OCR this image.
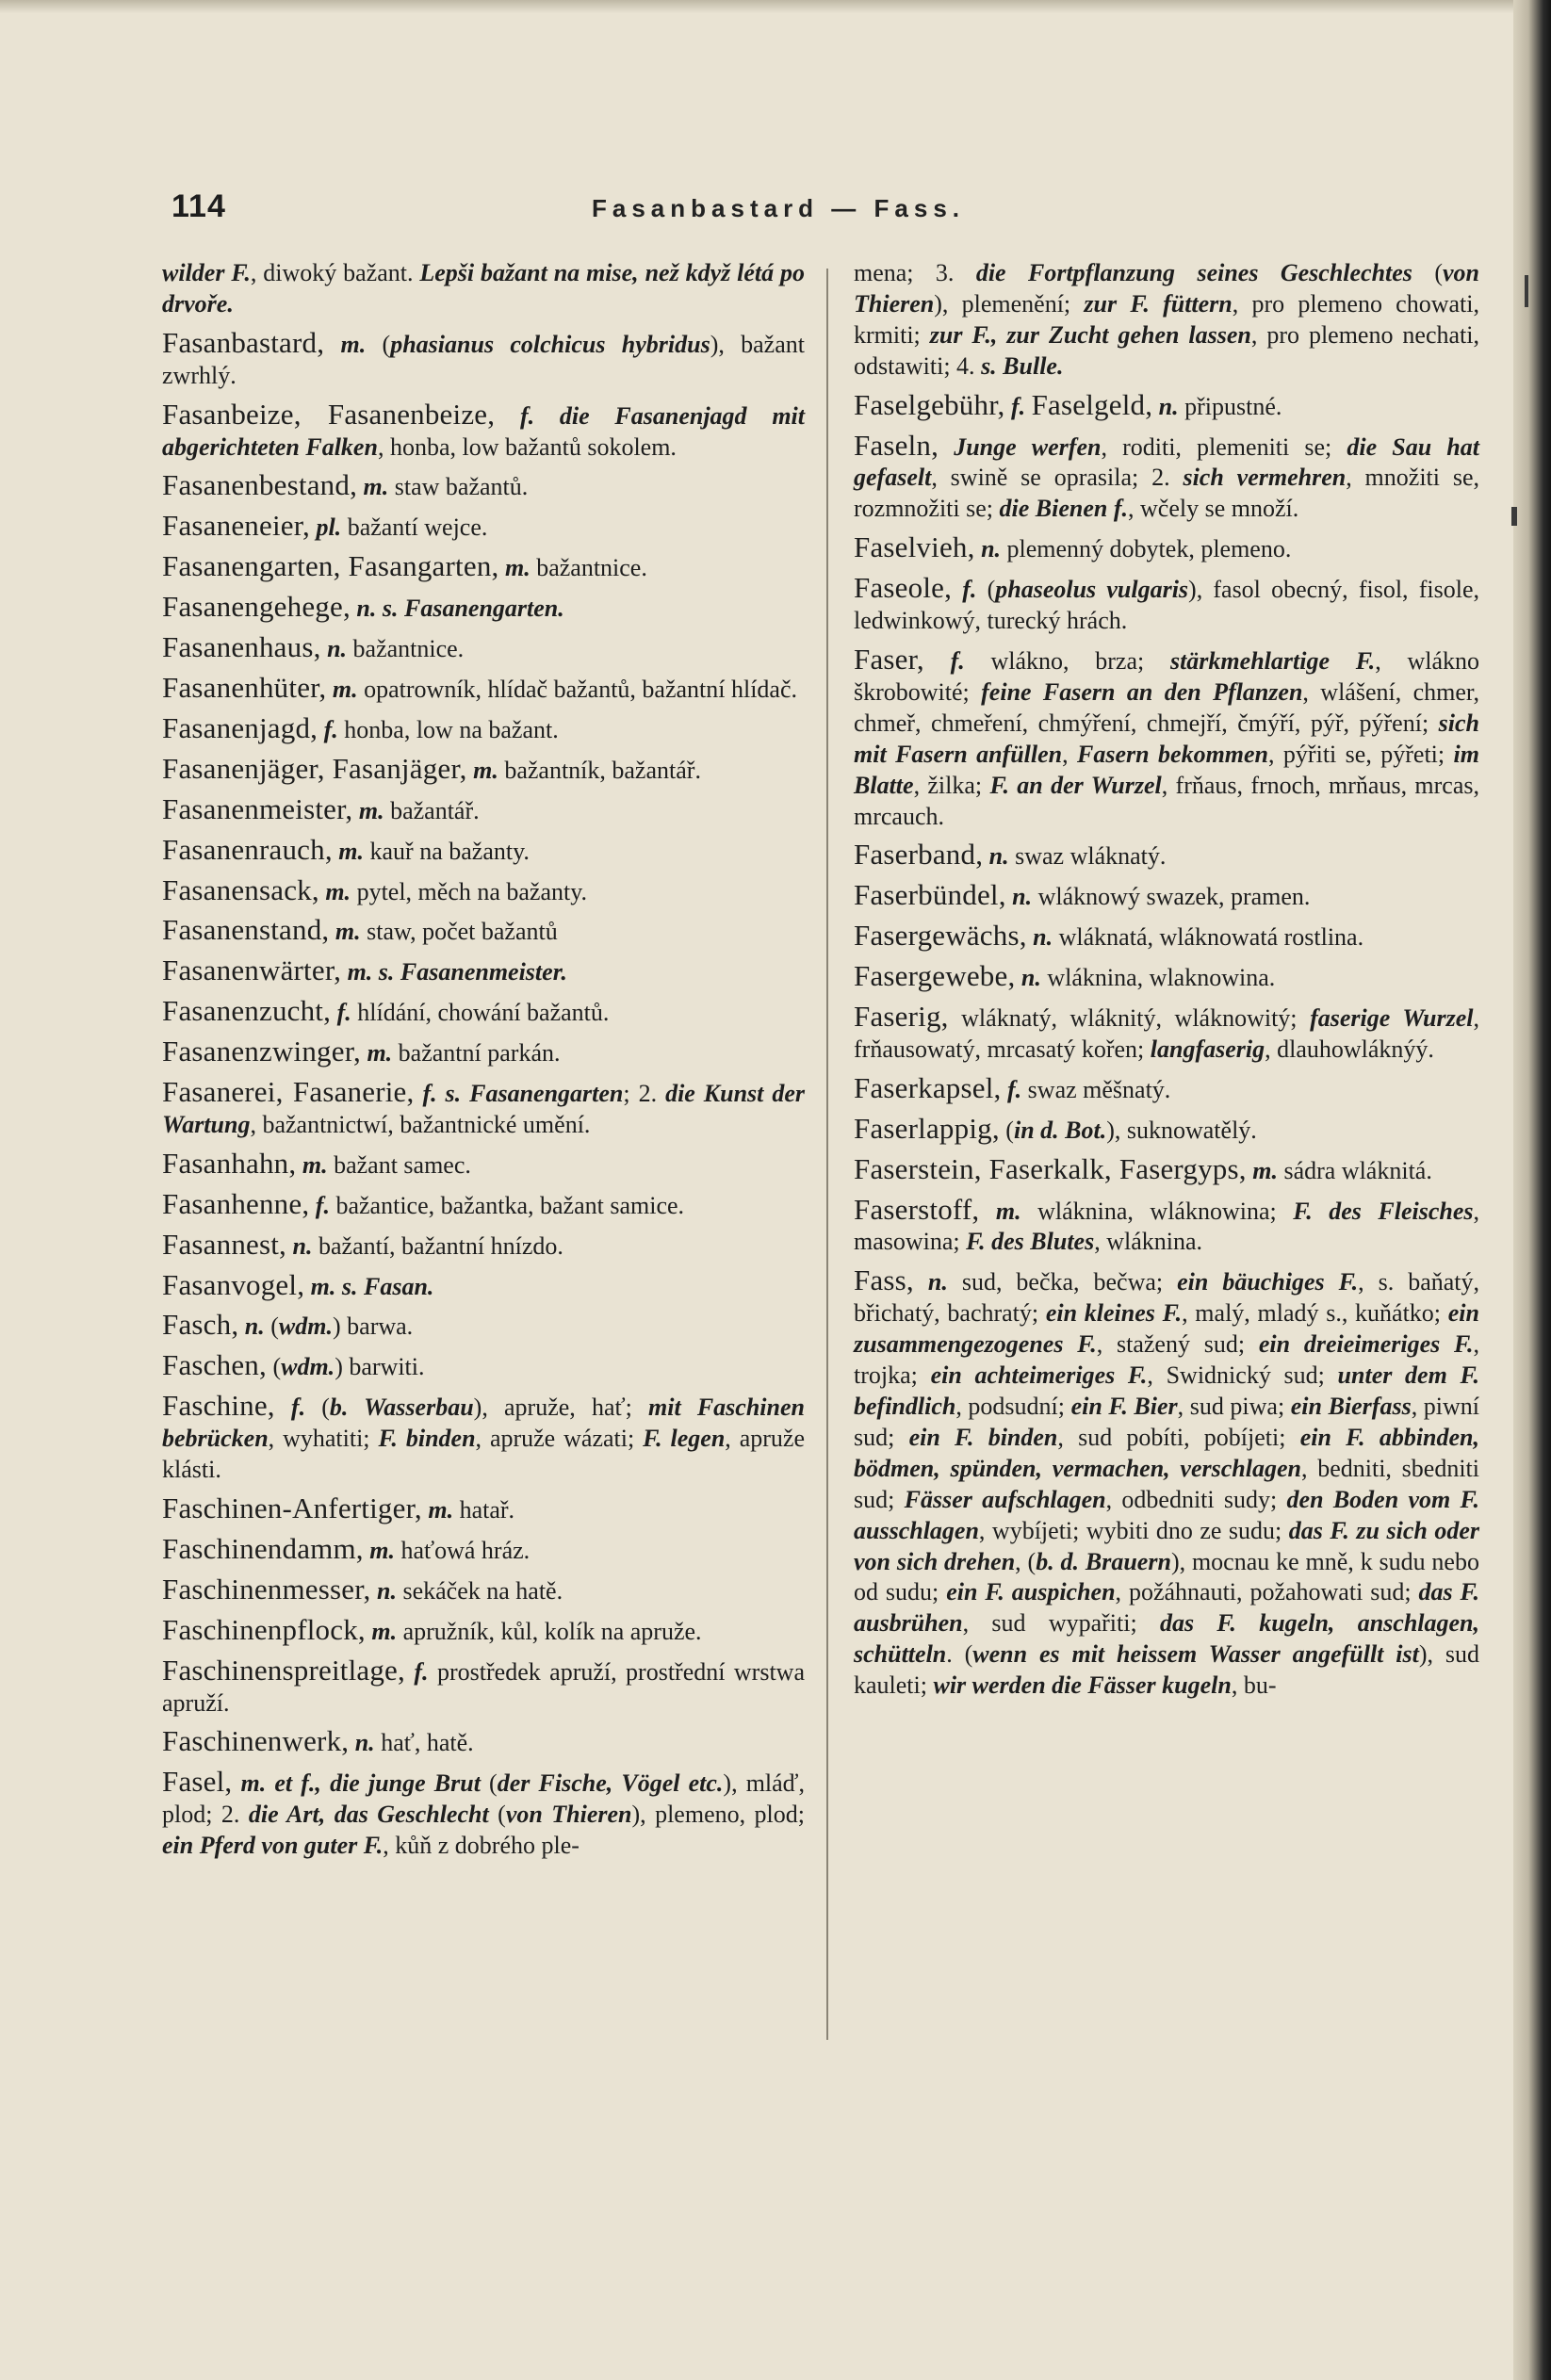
114	Fasanbastard — Fass.

wilder F., diwoký bažant. Lepši bažant na mise, než když létá po drvoře.

Fasanbastard, m. (phasianus colchicus hybridus), bažant zwrhlý.

Fasanbeize, Fasanenbeize, f. die Fasanenjagd mit abgerichteten Falken, honba, low bažantů sokolem.

Fasanenbestand, m. staw bažantů.

Fasaneneier, pl. bažantí wejce.

Fasanengarten, Fasangarten, m. bažantnice.

Fasanengehege, n. s. Fasanengarten.

Fasanenhaus, n. bažantnice.

Fasanenhüter, m. opatrowník, hlídač bažantů, bažantní hlídač.

Fasanenjagd, f. honba, low na bažant.

Fasanenjäger, Fasanjäger, m. bažantník, bažantář.

Fasanenmeister, m. bažantář.

Fasanenrauch, m. kauř na bažanty.

Fasanensack, m. pytel, měch na bažanty.

Fasanenstand, m. staw, počet bažantů

Fasanenwärter, m. s. Fasanenmeister.

Fasanenzucht, f. hlídání, chowání bažantů.

Fasanenzwinger, m. bažantní parkán.

Fasanerei, Fasanerie, f. s. Fasanengarten; 2. die Kunst der Wartung, bažantnictwí, bažantnické umění.

Fasanhahn, m. bažant samec.

Fasanhenne, f. bažantice, bažantka, bažant samice.

Fasannest, n. bažantí, bažantní hnízdo.

Fasanvogel, m. s. Fasan.

Fasch, n. (wdm.) barwa.

Faschen, (wdm.) barwiti.

Faschine, f. (b. Wasserbau), apruže, hať; mit Faschinen bebrücken, wyhatiti; F. binden, apruže wázati; F. legen, apruže klásti.

Faschinen-Anfertiger, m. hatař.

Faschinendamm, m. haťowá hráz.

Faschinenmesser, n. sekáček na hatě.

Faschinenpflock, m. apružník, kůl, kolík na apruže.

Faschinenspreitlage, f. prostředek apruží, prostřední wrstwa apruží.

Faschinenwerk, n. hať, hatě.

Fasel, m. et f., die junge Brut (der Fische, Vögel etc.), mláď, plod; 2. die Art, das Geschlecht (von Thieren), plemeno, plod; ein Pferd von guter F., kůň z dobrého ple-

mena; 3. die Fortpflanzung seines Geschlechtes (von Thieren), plemenění; zur F. füttern, pro plemeno chowati, krmiti; zur F., zur Zucht gehen lassen, pro plemeno nechati, odstawiti; 4. s. Bulle.

Faselgebühr, f. Faselgeld, n. připustné.

Faseln, Junge werfen, roditi, plemeniti se; die Sau hat gefaselt, swině se oprasila; 2. sich vermehren, množiti se, rozmnožiti se; die Bienen f., wčely se množí.

Faselvieh, n. plemenný dobytek, plemeno.

Faseole, f. (phaseolus vulgaris), fasol obecný, fisol, fisole, ledwinkowý, turecký hrách.

Faser, f. wlákno, brza; stärkmehlartige F., wlákno škrobowité; feine Fasern an den Pflanzen, wlášení, chmer, chmeř, chmeření, chmýření, chmejří, čmýří, pýř, pýření; sich mit Fasern anfüllen, Fasern bekommen, pýřiti se, pýřeti; im Blatte, žilka; F. an der Wurzel, frňaus, frnoch, mrňaus, mrcas, mrcauch.

Faserband, n. swaz wláknatý.

Faserbündel, n. wláknowý swazek, pramen.

Fasergewächs, n. wláknatá, wláknowatá rostlina.

Fasergewebe, n. wláknina, wlaknowina.

Faserig, wláknatý, wláknitý, wláknowitý; faserige Wurzel, frňausowatý, mrcasatý kořen; langfaserig, dlauhowláknýý.

Faserkapsel, f. swaz měšnatý.

Faserlappig, (in d. Bot.), suknowatělý.

Faserstein, Faserkalk, Fasergyps, m. sádra wláknitá.

Faserstoff, m. wláknina, wláknowina; F. des Fleisches, masowina; F. des Blutes, wláknina.

Fass, n. sud, bečka, bečwa; ein bäuchiges F., s. baňatý, břichatý, bachratý; ein kleines F., malý, mladý s., kuňátko; ein zusammengezogenes F., stažený sud; ein dreieimeriges F., trojka; ein achteimeriges F., Swidnický sud; unter dem F. befindlich, podsudní; ein F. Bier, sud piwa; ein Bierfass, piwní sud; ein F. binden, sud pobíti, pobíjeti; ein F. abbinden, bödmen, spünden, vermachen, verschlagen, bedniti, sbedniti sud; Fässer aufschlagen, odbedniti sudy; den Boden vom F. ausschlagen, wybíjeti; wybiti dno ze sudu; das F. zu sich oder von sich drehen, (b. d. Brauern), mocnau ke mně, k sudu nebo od sudu; ein F. auspichen, požáhnauti, požahowati sud; das F. ausbrühen, sud wypařiti; das F. kugeln, anschlagen, schütteln. (wenn es mit heissem Wasser angefüllt ist), sud kauleti; wir werden die Fässer kugeln, bu-
